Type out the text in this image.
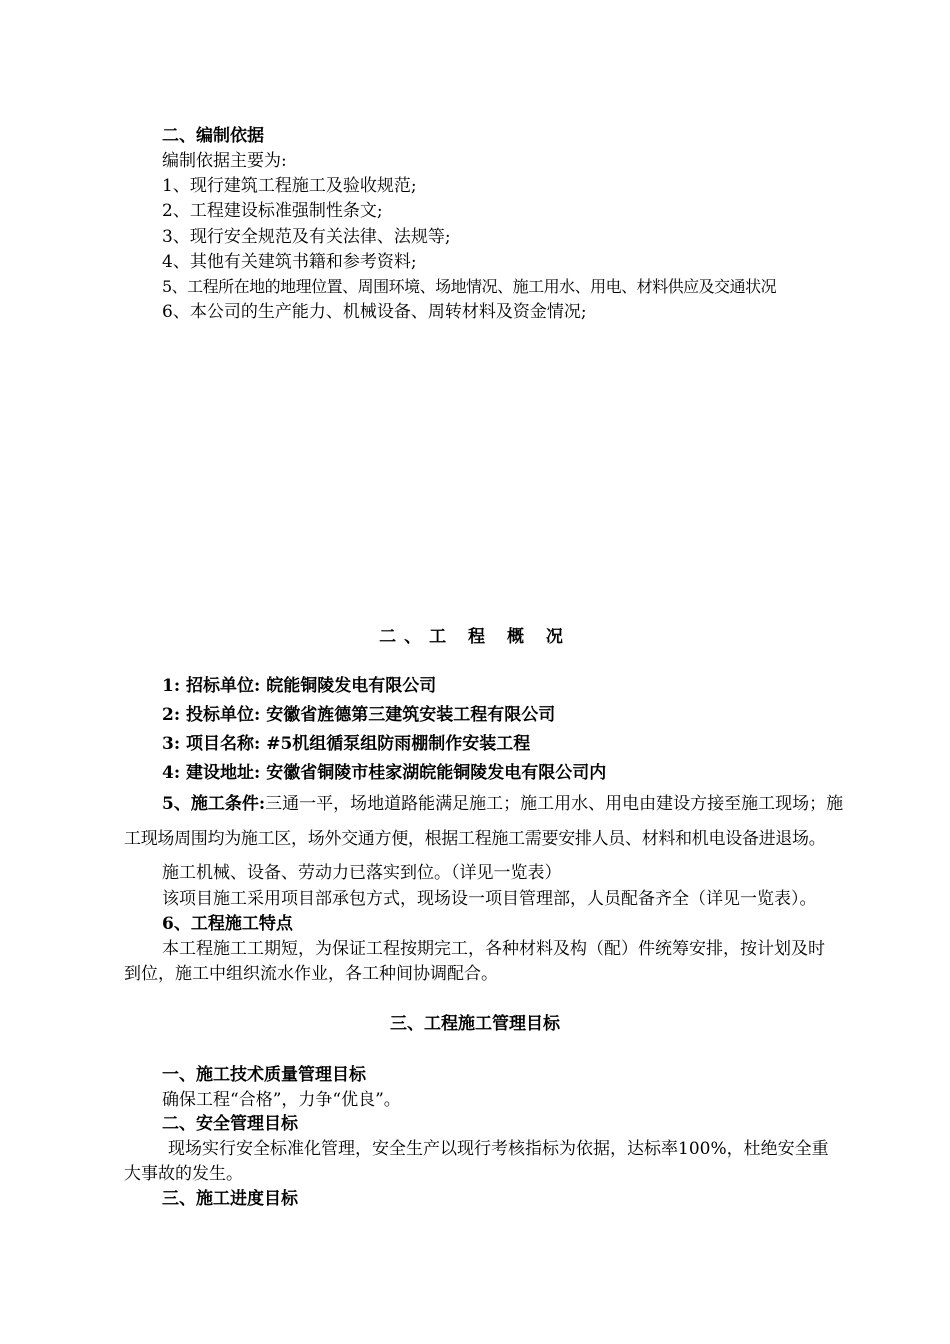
二、编制依据

编制依据主要为:

1、现行建筑工程施工及验收规范;

2、工程建设标准强制性条文;

3、现行安全规范及有关法律、法规等;

4、其他有关建筑书籍和参考资料;

5、工程所在地的地理位置、周围环境、场地情况、施工用水、用电、材料供应及交通状况

6、本公司的生产能力、机械设备、周转材料及资金情况;

二、工 程 概 况

1: 招标单位: 皖能铜陵发电有限公司

2: 投标单位: 安徽省旌德第三建筑安装工程有限公司

3: 项目名称: #5机组循泵组防雨棚制作安装工程

4: 建设地址: 安徽省铜陵市桂家湖皖能铜陵发电有限公司内

5、施工条件:三通一平，场地道路能满足施工；施工用水、用电由建设方接至施工现场；施

工现场周围均为施工区，场外交通方便，根据工程施工需要安排人员、材料和机电设备进退场。

施工机械、设备、劳动力已落实到位。（详见一览表）

该项目施工采用项目部承包方式，现场设一项目管理部，人员配备齐全（详见一览表）。

6、工程施工特点

本工程施工工期短，为保证工程按期完工，各种材料及构（配）件统筹安排，按计划及时

到位，施工中组织流水作业，各工种间协调配合。

三、工程施工管理目标

一、施工技术质量管理目标

确保工程“合格”，力争“优良”。

二、安全管理目标

现场实行安全标准化管理，安全生产以现行考核指标为依据，达标率100%，杜绝安全重

大事故的发生。

三、施工进度目标
